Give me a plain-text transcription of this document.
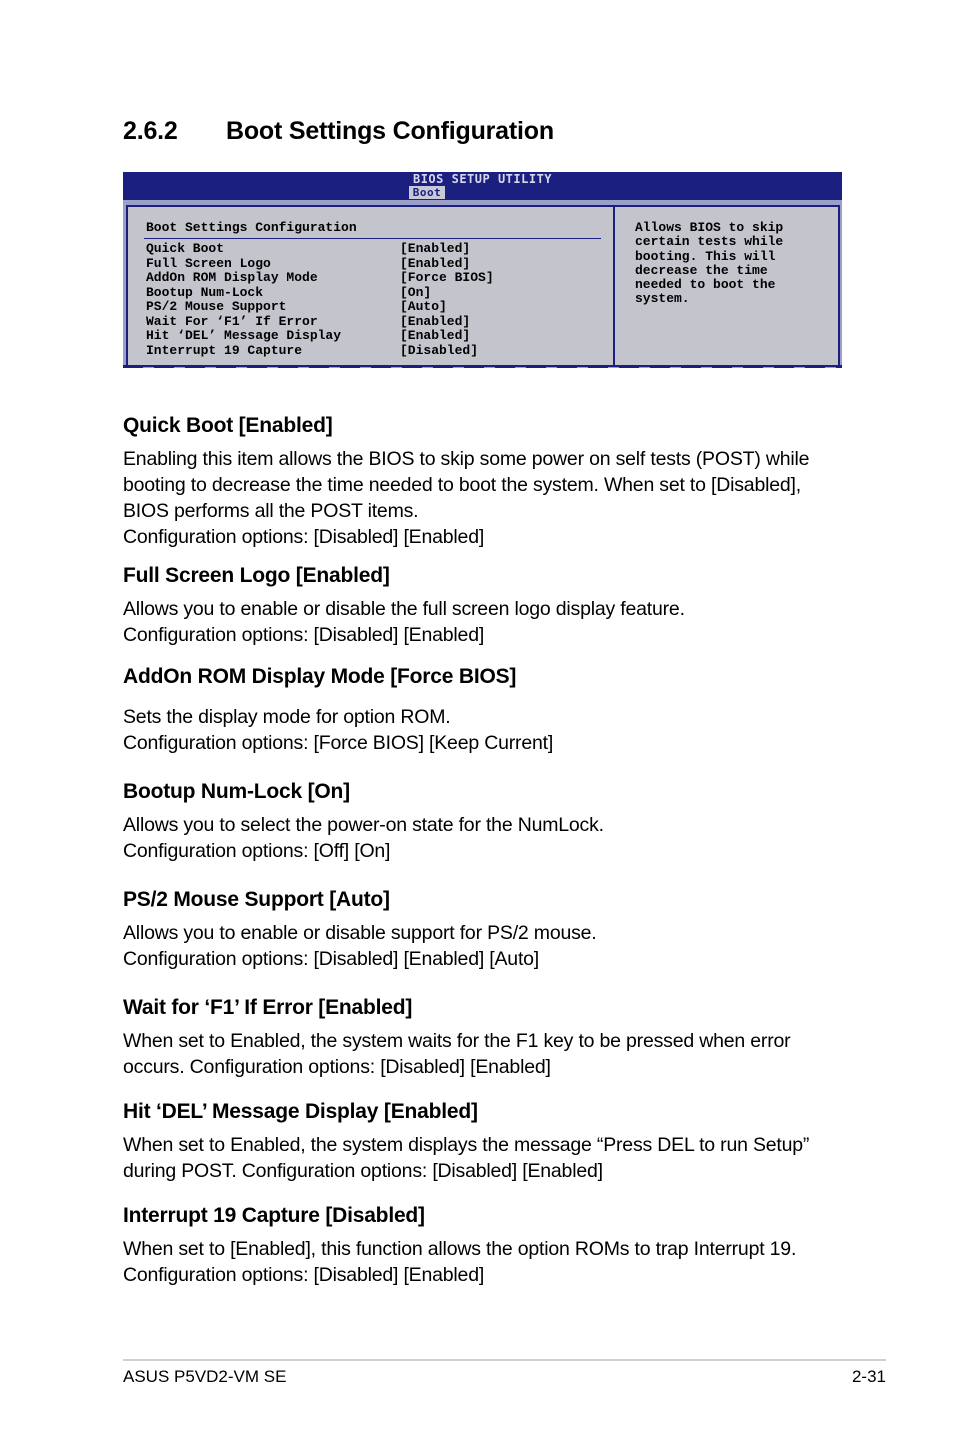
2.6.2 Boot Settings Configuration
BIOS SETUP UTILITY
Boot
Boot Settings Configuration
Quick Boot	[Enabled]
Full Screen Logo	[Enabled]
AddOn ROM Display Mode	[Force BIOS]
Bootup Num-Lock	[On]
PS/2 Mouse Support	[Auto]
Wait For ‘F1’ If Error	[Enabled]
Hit ‘DEL’ Message Display	[Enabled]
Interrupt 19 Capture	[Disabled]
Allows BIOS to skip
certain tests while
booting. This will
decrease the time
needed to boot the
system.
Quick Boot [Enabled]

Enabling this item allows the BIOS to skip some power on self tests (POST) while booting to decrease the time needed to boot the system. When set to [Disabled], BIOS performs all the POST items.
Configuration options: [Disabled] [Enabled]

Full Screen Logo [Enabled]

Allows you to enable or disable the full screen logo display feature.
Configuration options: [Disabled] [Enabled]

AddOn ROM Display Mode [Force BIOS]

Sets the display mode for option ROM.
Configuration options: [Force BIOS] [Keep Current]

Bootup Num-Lock [On]

Allows you to select the power-on state for the NumLock.
Configuration options: [Off] [On]

PS/2 Mouse Support [Auto]

Allows you to enable or disable support for PS/2 mouse.
Configuration options: [Disabled] [Enabled] [Auto]

Wait for ‘F1’ If Error [Enabled]

When set to Enabled, the system waits for the F1 key to be pressed when error occurs. Configuration options: [Disabled] [Enabled]

Hit ‘DEL’ Message Display [Enabled]

When set to Enabled, the system displays the message “Press DEL to run Setup” during POST. Configuration options: [Disabled] [Enabled]

Interrupt 19 Capture [Disabled]

When set to [Enabled], this function allows the option ROMs to trap Interrupt 19.
Configuration options: [Disabled] [Enabled]

ASUS P5VD2-VM SE	2-31
